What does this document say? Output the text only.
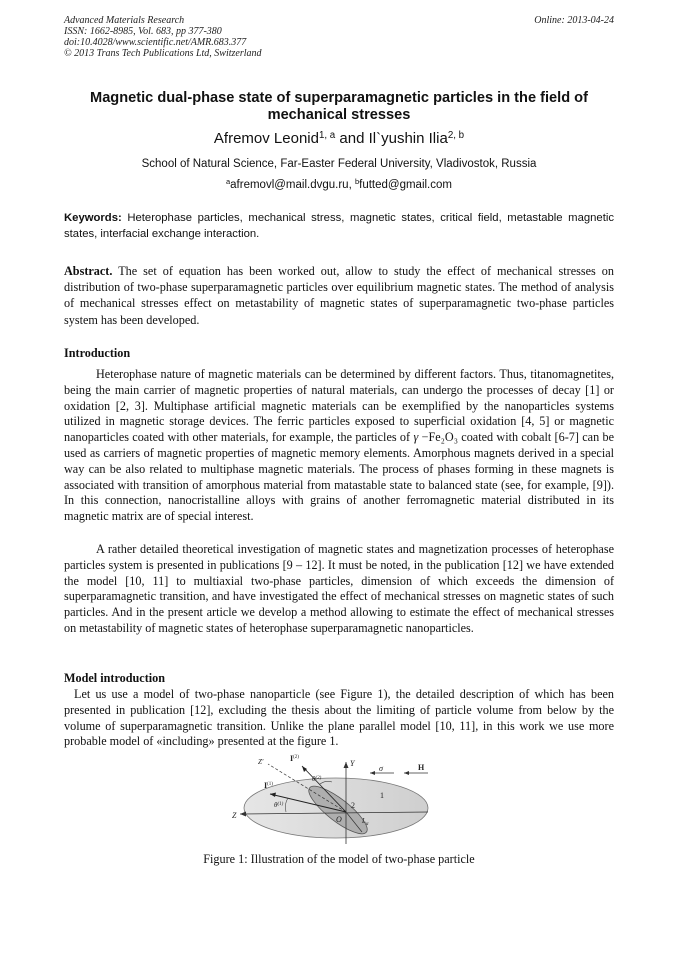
Advanced Materials Research
ISSN: 1662-8985, Vol. 683, pp 377-380
doi:10.4028/www.scientific.net/AMR.683.377
© 2013 Trans Tech Publications Ltd, Switzerland
Online: 2013-04-24
Magnetic dual-phase state of superparamagnetic particles in the field of mechanical stresses
Afremov Leonid$^{1, a}$ and Il`yushin Ilia$^{2, b}$
School of Natural Science, Far-Easter Federal University, Vladivostok, Russia
$^a$afremovl@mail.dvgu.ru, $^b$futted@gmail.com
Keywords: Heterophase particles, mechanical stress, magnetic states, critical field, metastable magnetic states, interfacial exchange interaction.
Abstract. The set of equation has been worked out, allow to study the effect of mechanical stresses on distribution of two-phase superparamagnetic particles over equilibrium magnetic states. The method of analysis of mechanical stresses effect on metastability of magnetic states of superparamagnetic two-phase particles system has been developed.
Introduction
Heterophase nature of magnetic materials can be determined by different factors. Thus, titanomagnetites, being the main carrier of magnetic properties of natural materials, can undergo the processes of decay [1] or oxidation [2, 3]. Multiphase artificial magnetic materials can be exemplified by the nanoparticles systems utilized in magnetic storage devices. The ferric particles exposed to superficial oxidation [4, 5] or magnetic nanoparticles coated with other materials, for example, the particles of γ −Fe₂O₃ coated with cobalt [6-7] can be used as carriers of magnetic properties of magnetic memory elements. Amorphous magnets derived in a special way can be also related to multiphase magnetic materials. The process of phases forming in these magnets is associated with transition of amorphous material from matastable state to balanced state (see, for example, [9]). In this connection, nanocristalline alloys with grains of another ferromagnetic material distributed in its magnetic matrix are of special interest.
A rather detailed theoretical investigation of magnetic states and magnetization processes of heterophase particles system is presented in publications [9 – 12]. It must be noted, in the publication [12] we have extended the model [10, 11] to multiaxial two-phase particles, dimension of which exceeds the dimension of superparamagnetic transition, and have investigated the effect of mechanical stresses on magnetic states of such particles. And in the present article we develop a method allowing to estimate the effect of mechanical stresses on metastability of magnetic states of heterophase superparamagnetic nanoparticles.
Model introduction
Let us use a model of two-phase nanoparticle (see Figure 1), the detailed description of which has been presented in publication [12], excluding the thesis about the limiting of particle volume from below by the volume of superparamagnetic transition. Unlike the plane parallel model [10, 11], in this work we use more probable model of «including» presented at the figure 1.
Z
Z'	Y
σ	H
$I^{(2)}$
$I^{(1)}$
$\theta^{(1)}$
$\theta^{(2)}$
1
2
O	$L_\alpha$
Figure 1: Illustration of the model of two-phase particle
